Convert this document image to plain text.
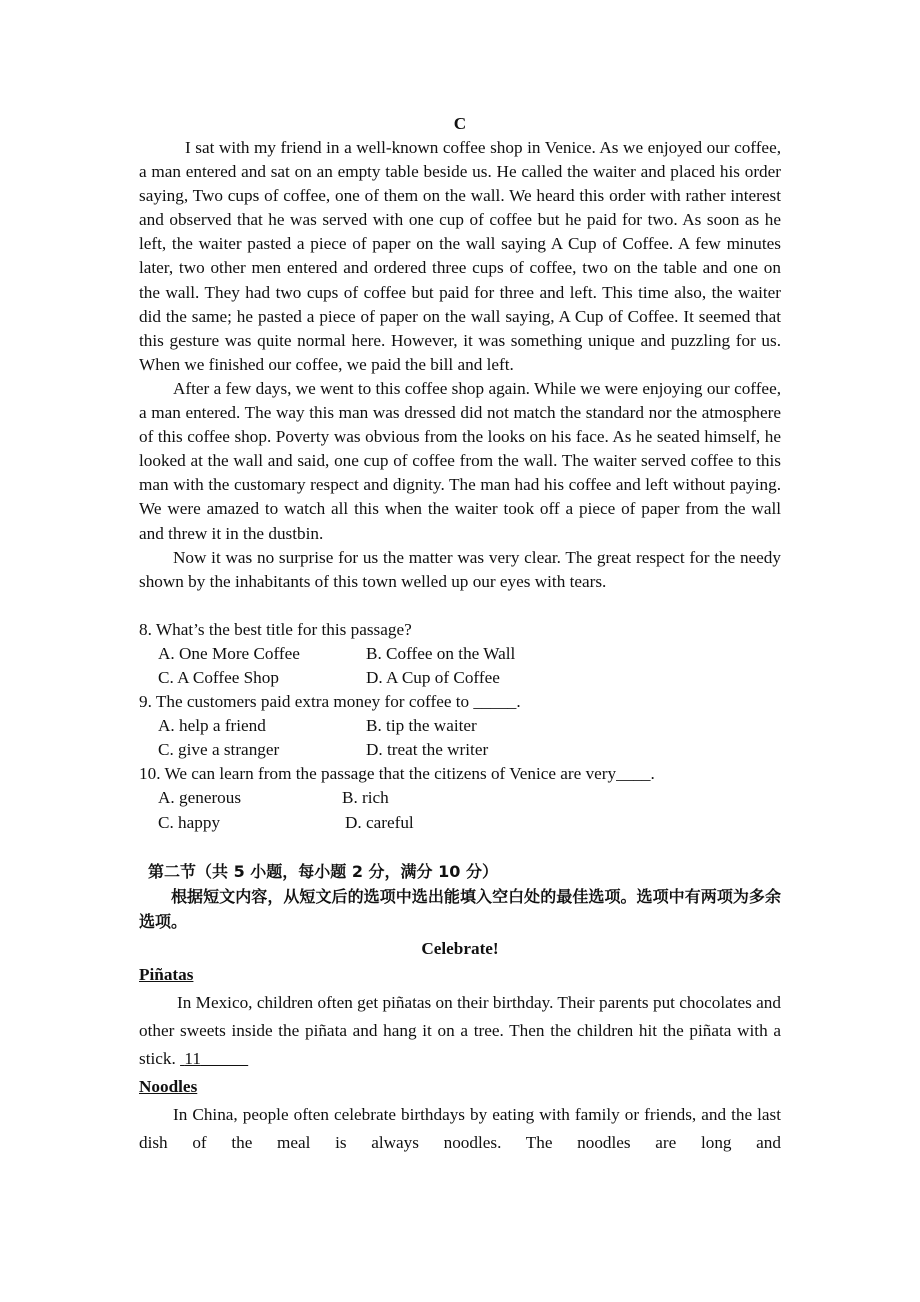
C

I sat with my friend in a well-known coffee shop in Venice. As we enjoyed our coffee, a man entered and sat on an empty table beside us. He called the waiter and placed his order saying, Two cups of coffee, one of them on the wall. We heard this order with rather interest and observed that he was served with one cup of coffee but he paid for two. As soon as he left, the waiter pasted a piece of paper on the wall saying A Cup of Coffee. A few minutes later, two other men entered and ordered three cups of coffee, two on the table and one on the wall. They had two cups of coffee but paid for three and left. This time also, the waiter did the same; he pasted a piece of paper on the wall saying, A Cup of Coffee. It seemed that this gesture was quite normal here. However, it was something unique and puzzling for us. When we finished our coffee, we paid the bill and left.

After a few days, we went to this coffee shop again. While we were enjoying our coffee, a man entered. The way this man was dressed did not match the standard nor the atmosphere of this coffee shop. Poverty was obvious from the looks on his face. As he seated himself, he looked at the wall and said, one cup of coffee from the wall. The waiter served coffee to this man with the customary respect and dignity. The man had his coffee and left without paying. We were amazed to watch all this when the waiter took off a piece of paper from the wall and threw it in the dustbin.

Now it was no surprise for us the matter was very clear. The great respect for the needy shown by the inhabitants of this town welled up our eyes with tears.

8. What’s the best title for this passage?
A. One More Coffee	B. Coffee on the Wall
C. A Coffee Shop	D. A Cup of Coffee
9. The customers paid extra money for coffee to _____.
A. help a friend	B. tip the waiter
C. give a stranger	D. treat the writer
10. We can learn from the passage that the citizens of Venice are very____.
A. generous	B. rich
C. happy	D. careful
第二节（共 5 小题，每小题 2 分，满分 10 分）

根据短文内容，从短文后的选项中选出能填入空白处的最佳选项。选项中有两项为多余选项。

Celebrate!
Piñatas

In Mexico, children often get piñatas on their birthday. Their parents put chocolates and other sweets inside the piñata and hang it on a tree. Then the children hit the piñata with a stick. 11

Noodles

In China, people often celebrate birthdays by eating with family or friends, and the last dish of the meal is always noodles. The noodles are long and
